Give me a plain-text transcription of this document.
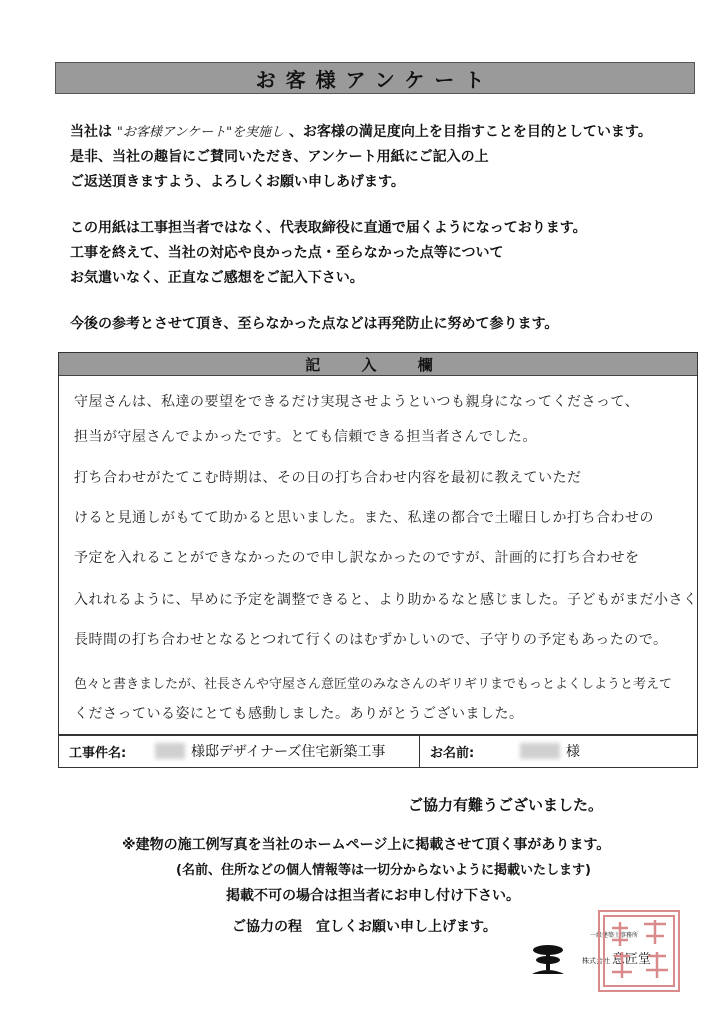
お客様アンケート
当社は "お客様アンケート"を実施し 、お客様の満足度向上を目指すことを目的としています。
是非、当社の趣旨にご賛同いただき、アンケート用紙にご記入の上
ご返送頂きますよう、よろしくお願い申しあげます。
この用紙は工事担当者ではなく、代表取締役に直通で届くようになっております。
工事を終えて、当社の対応や良かった点・至らなかった点等について
お気遣いなく、正直なご感想をご記入下さい。
今後の参考とさせて頂き、至らなかった点などは再発防止に努めて参ります。
記 入 欄
守屋さんは、私達の要望をできるだけ実現させようといつも親身になってくださって、
担当が守屋さんでよかったです。とても信頼できる担当者さんでした。
打ち合わせがたてこむ時期は、その日の打ち合わせ内容を最初に教えていただ
けると見通しがもてて助かると思いました。また、私達の都合で土曜日しか打ち合わせの
予定を入れることができなかったので申し訳なかったのですが、計画的に打ち合わせを
入れれるように、早めに予定を調整できると、より助かるなと感じました。子どもがまだ小さく
長時間の打ち合わせとなるとつれて行くのはむずかしいので、子守りの予定もあったので。
色々と書きましたが、社長さんや守屋さん意匠堂のみなさんのギリギリまでもっとよくしようと考えて
くださっている姿にとても感動しました。ありがとうございました。
工事件名:	様邸デザイナーズ住宅新築工事	お名前:	様
ご協力有難うございました。
※建物の施工例写真を当社のホームページ上に掲載させて頂く事があります。
(名前、住所などの個人情報等は一切分からないように掲載いたします)
掲載不可の場合は担当者にお申し付け下さい。
ご協力の程　宜しくお願い申し上げます。
一級建築士事務所
株式会社 意匠堂
